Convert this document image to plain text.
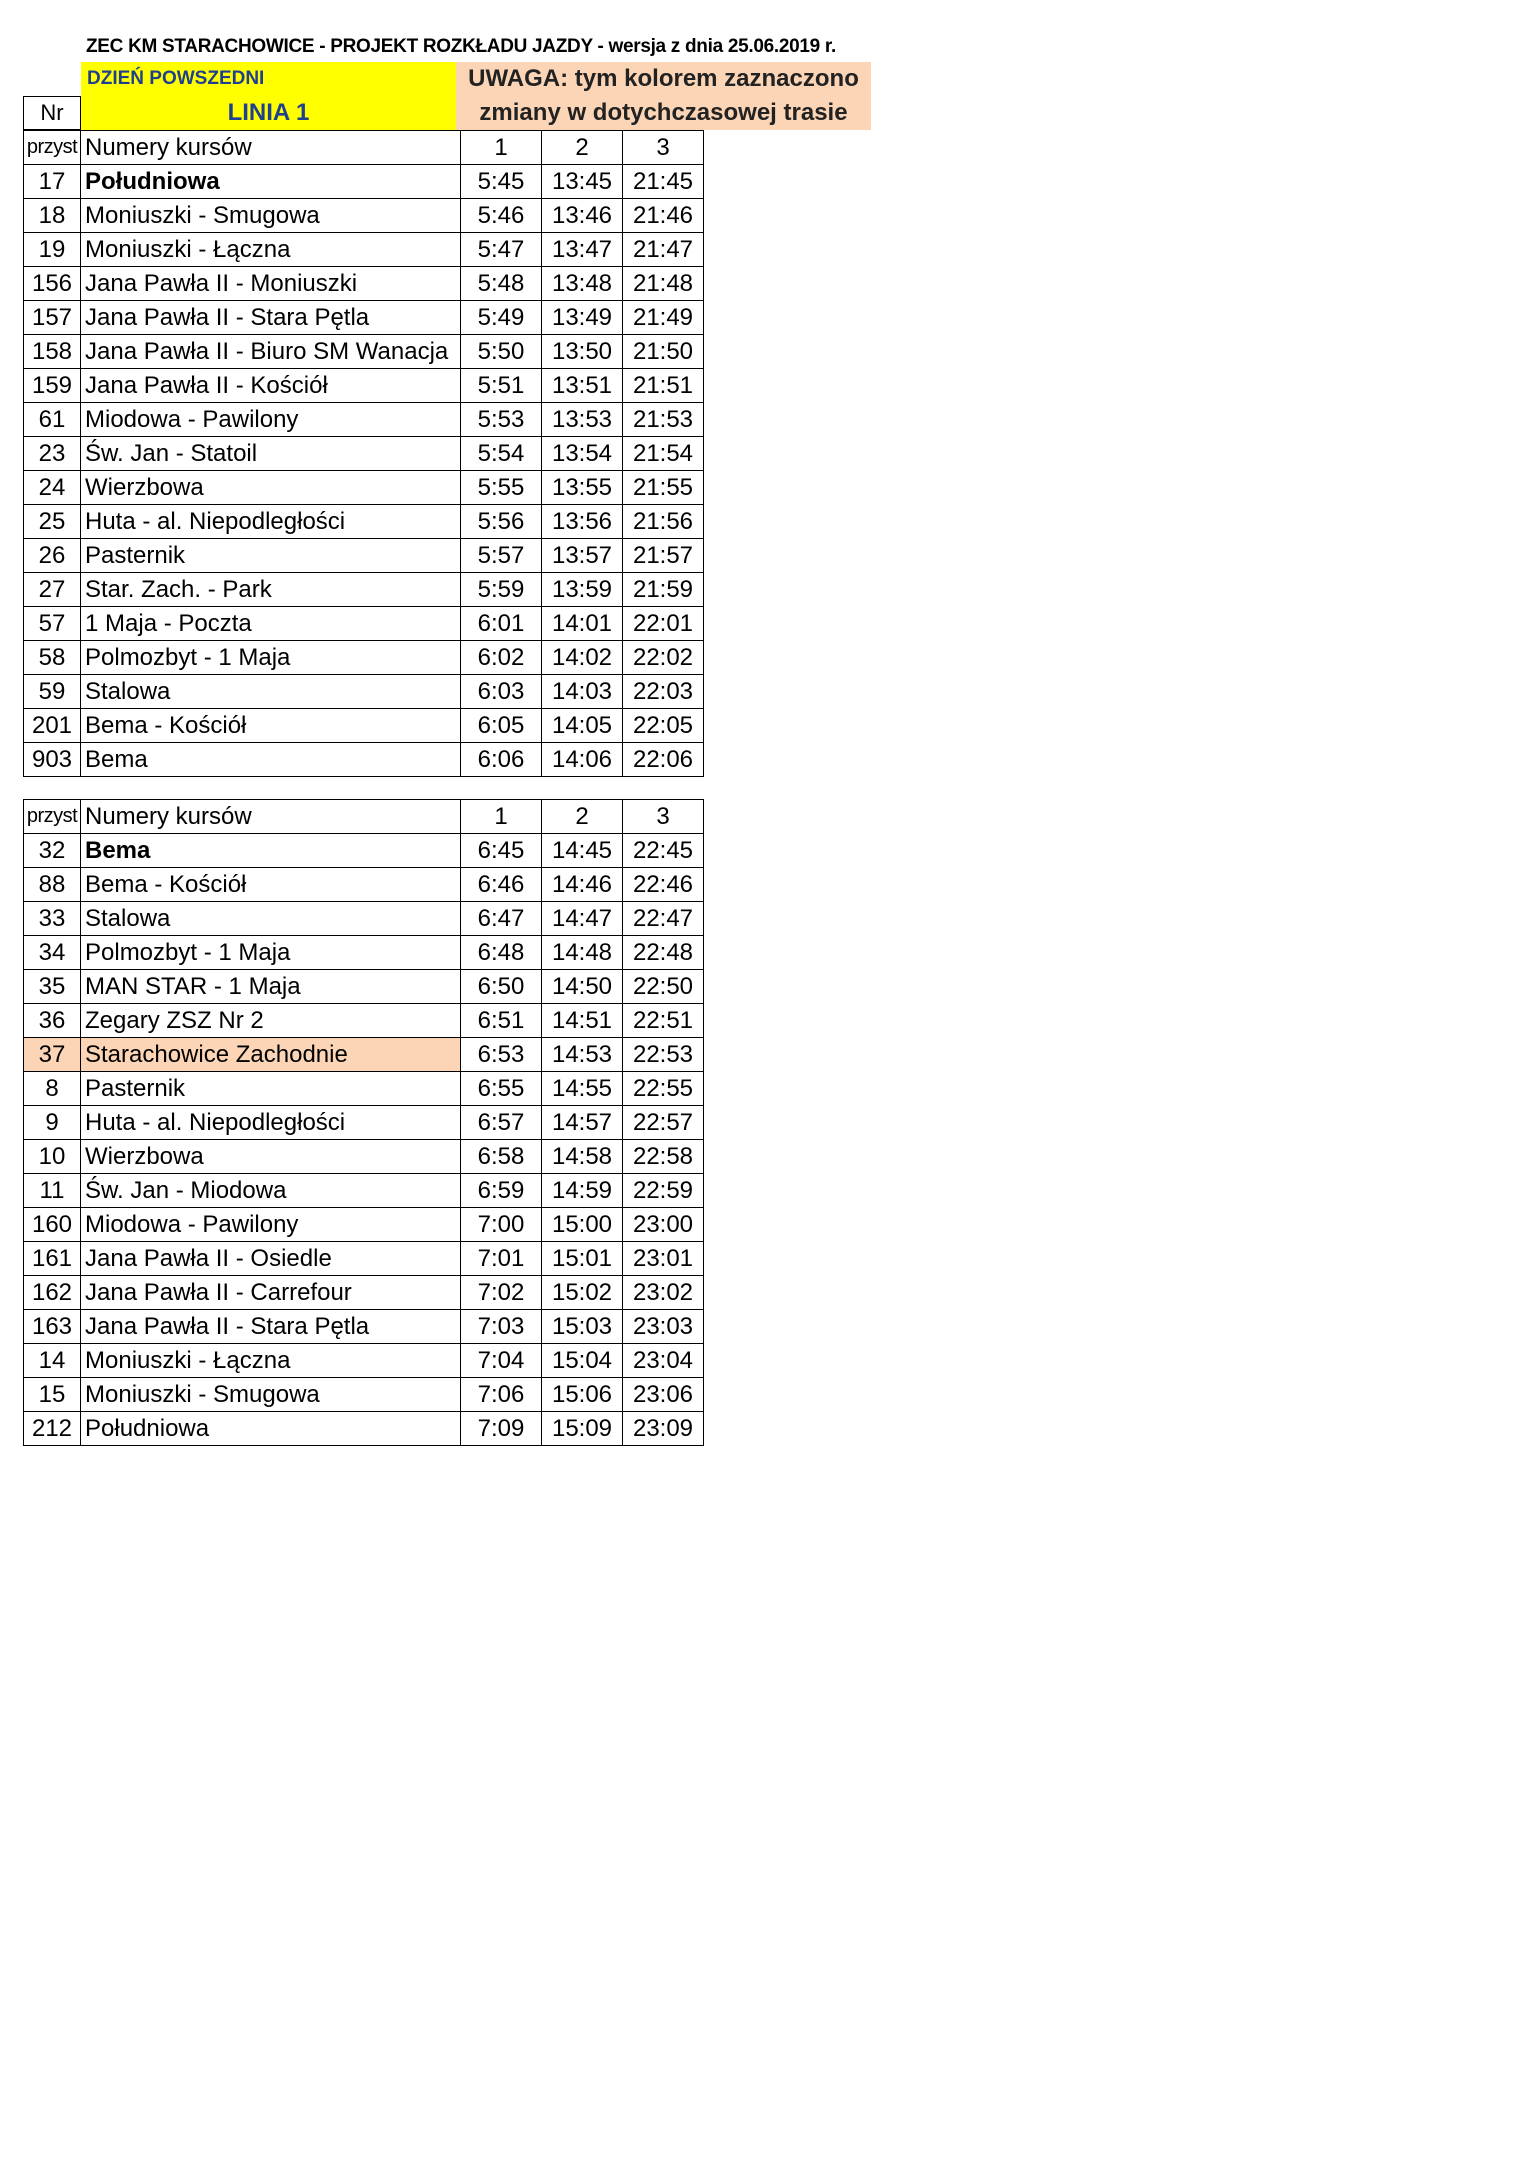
ZEC KM STARACHOWICE - PROJEKT ROZKŁADU JAZDY - wersja z dnia 25.06.2019 r.
DZIEŃ POWSZEDNI
LINIA 1
Nr
UWAGA: tym kolorem zaznaczono zmiany w dotychczasowej trasie
przyst	Numery kursów	1	2	3
17	Południowa	5:45	13:45	21:45
18	Moniuszki - Smugowa	5:46	13:46	21:46
19	Moniuszki - Łączna	5:47	13:47	21:47
156	Jana Pawła II - Moniuszki	5:48	13:48	21:48
157	Jana Pawła II - Stara Pętla	5:49	13:49	21:49
158	Jana Pawła II - Biuro SM Wanacja	5:50	13:50	21:50
159	Jana Pawła II - Kościół	5:51	13:51	21:51
61	Miodowa - Pawilony	5:53	13:53	21:53
23	Św. Jan - Statoil	5:54	13:54	21:54
24	Wierzbowa	5:55	13:55	21:55
25	Huta - al. Niepodległości	5:56	13:56	21:56
26	Pasternik	5:57	13:57	21:57
27	Star. Zach. - Park	5:59	13:59	21:59
57	1 Maja - Poczta	6:01	14:01	22:01
58	Polmozbyt - 1 Maja	6:02	14:02	22:02
59	Stalowa	6:03	14:03	22:03
201	Bema - Kościół	6:05	14:05	22:05
903	Bema	6:06	14:06	22:06
przyst	Numery kursów	1	2	3
32	Bema	6:45	14:45	22:45
88	Bema - Kościół	6:46	14:46	22:46
33	Stalowa	6:47	14:47	22:47
34	Polmozbyt - 1 Maja	6:48	14:48	22:48
35	MAN STAR - 1 Maja	6:50	14:50	22:50
36	Zegary ZSZ Nr 2	6:51	14:51	22:51
37	Starachowice Zachodnie	6:53	14:53	22:53
8	Pasternik	6:55	14:55	22:55
9	Huta - al. Niepodległości	6:57	14:57	22:57
10	Wierzbowa	6:58	14:58	22:58
11	Św. Jan - Miodowa	6:59	14:59	22:59
160	Miodowa - Pawilony	7:00	15:00	23:00
161	Jana Pawła II - Osiedle	7:01	15:01	23:01
162	Jana Pawła II - Carrefour	7:02	15:02	23:02
163	Jana Pawła II - Stara Pętla	7:03	15:03	23:03
14	Moniuszki - Łączna	7:04	15:04	23:04
15	Moniuszki - Smugowa	7:06	15:06	23:06
212	Południowa	7:09	15:09	23:09
